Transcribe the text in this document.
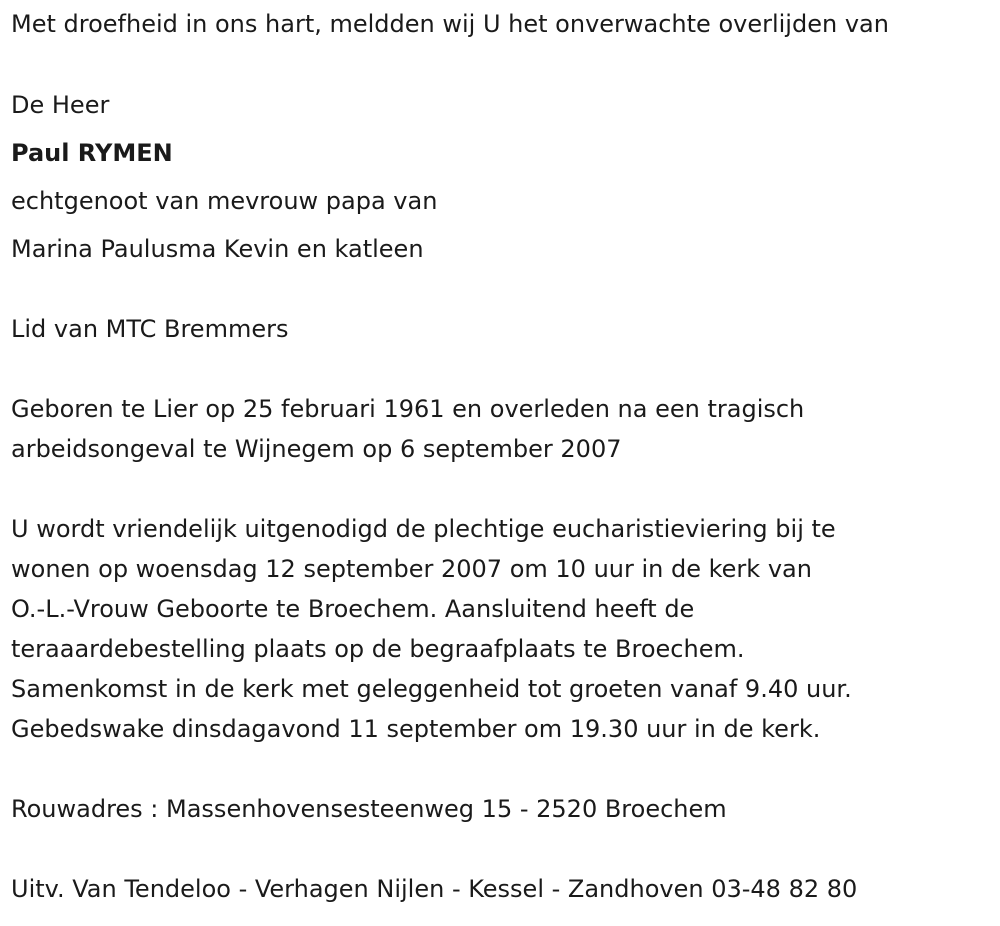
Met droefheid in ons hart, meldden wij U het onverwachte overlijden van

De Heer

Paul RYMEN

echtgenoot van mevrouw papa van

Marina Paulusma Kevin en katleen

Lid van MTC Bremmers

Geboren te Lier op 25 februari 1961 en overleden na een tragisch

arbeidsongeval te Wijnegem op 6 september 2007

U wordt vriendelijk uitgenodigd de plechtige eucharistieviering bij te

wonen op woensdag 12 september 2007 om 10 uur in de kerk van

O.-L.-Vrouw Geboorte te Broechem. Aansluitend heeft de

teraaardebestelling plaats op de begraafplaats te Broechem.

Samenkomst in de kerk met geleggenheid tot groeten vanaf 9.40 uur.

Gebedswake dinsdagavond 11 september om 19.30 uur in de kerk.

Rouwadres : Massenhovensesteenweg 15 - 2520 Broechem

Uitv. Van Tendeloo - Verhagen Nijlen - Kessel - Zandhoven 03-48 82 80
